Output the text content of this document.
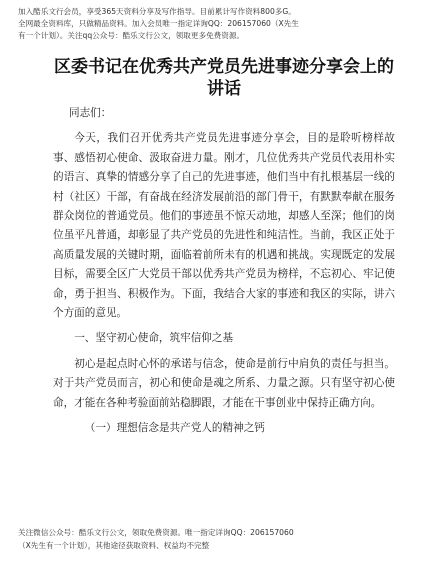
加入酷乐文行会员，享受365天资料分享及写作指导。目前累计写作资料800多G。
全网最全资料库，只做精品资料。加入会员唯一指定详询QQ：206157060（X先生
有一个计划）。关注qq公众号：酷乐文行公文，领取更多免费资源。
区委书记在优秀共产党员先进事迹分享会上的
讲话
同志们：

今天，我们召开优秀共产党员先进事迹分享会，目的是聆听榜样故事、感悟初心使命、汲取奋进力量。刚才，几位优秀共产党员代表用朴实的语言、真挚的情感分享了自己的先进事迹，他们当中有扎根基层一线的村（社区）干部，有奋战在经济发展前沿的部门骨干，有默默奉献在服务群众岗位的普通党员。他们的事迹虽不惊天动地，却感人至深；他们的岗位虽平凡普通，却彰显了共产党员的先进性和纯洁性。当前，我区正处于高质量发展的关键时期，面临着前所未有的机遇和挑战。实现既定的发展目标，需要全区广大党员干部以优秀共产党员为榜样，不忘初心、牢记使命，勇于担当、积极作为。下面，我结合大家的事迹和我区的实际，讲六个方面的意见。

一、坚守初心使命，筑牢信仰之基

初心是起点时心怀的承诺与信念，使命是前行中肩负的责任与担当。对于共产党员而言，初心和使命是魂之所系、力量之源。只有坚守初心使命，才能在各种考验面前站稳脚跟，才能在干事创业中保持正确方向。

（一）理想信念是共产党人的精神之钙
关注微信公众号：酷乐文行公文，领取免费资源。唯一指定详询QQ：206157060
（X先生有一个计划），其他途径获取资料、权益均不完整
